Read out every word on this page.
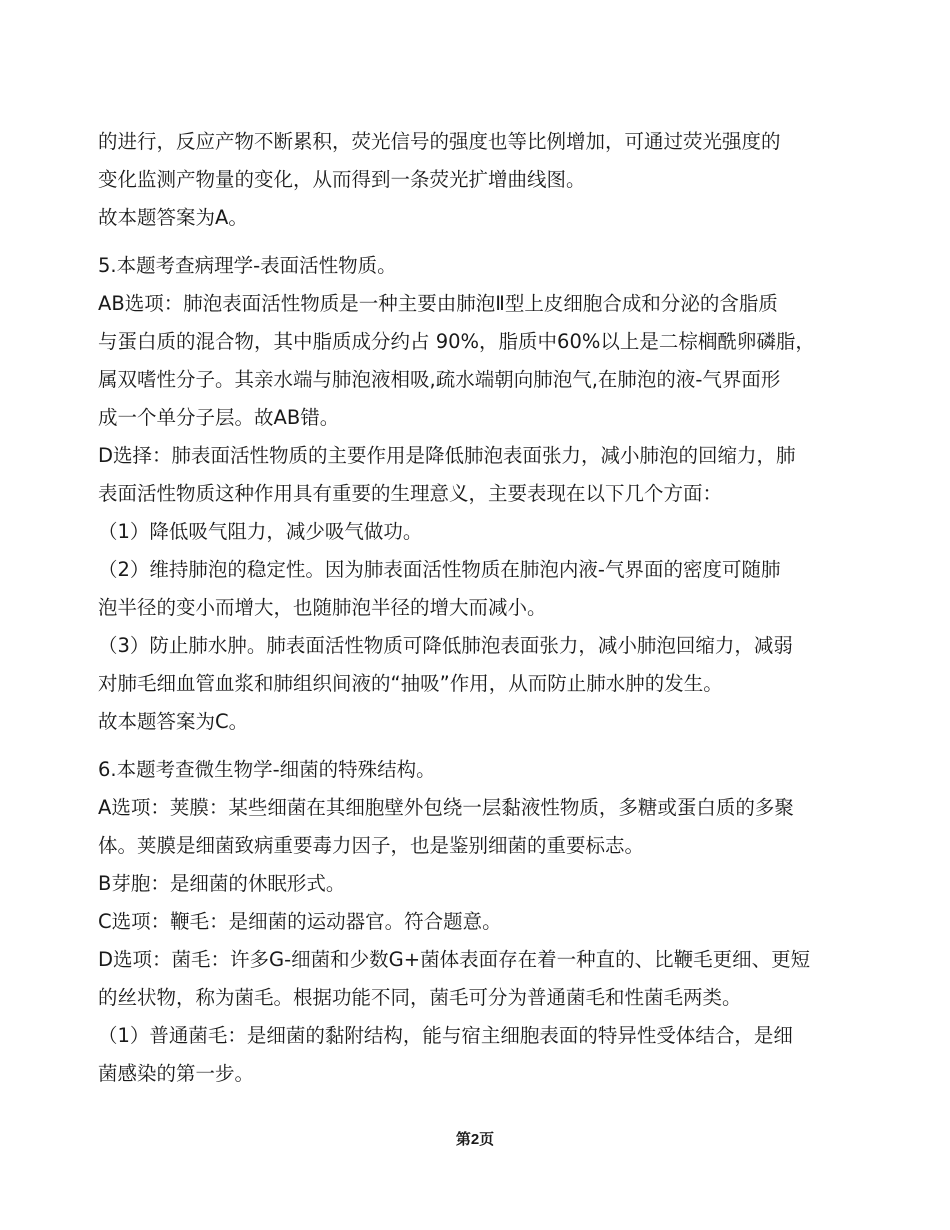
的进行，反应产物不断累积，荧光信号的强度也等比例增加，可通过荧光强度的

变化监测产物量的变化，从而得到一条荧光扩增曲线图。

故本题答案为A。

5.本题考查病理学-表面活性物质。

AB选项：肺泡表面活性物质是一种主要由肺泡Ⅱ型上皮细胞合成和分泌的含脂质

与蛋白质的混合物，其中脂质成分约占 90%，脂质中60%以上是二棕榈酰卵磷脂，

属双嗜性分子。其亲水端与肺泡液相吸,疏水端朝向肺泡气,在肺泡的液-气界面形

成一个单分子层。故AB错。

D选择：肺表面活性物质的主要作用是降低肺泡表面张力，减小肺泡的回缩力，肺

表面活性物质这种作用具有重要的生理意义，主要表现在以下几个方面：

（1）降低吸气阻力，减少吸气做功。

（2）维持肺泡的稳定性。因为肺表面活性物质在肺泡内液-气界面的密度可随肺

泡半径的变小而增大，也随肺泡半径的增大而减小。

（3）防止肺水肿。肺表面活性物质可降低肺泡表面张力，减小肺泡回缩力，减弱

对肺毛细血管血浆和肺组织间液的“抽吸”作用，从而防止肺水肿的发生。

故本题答案为C。

6.本题考查微生物学-细菌的特殊结构。

A选项：荚膜：某些细菌在其细胞壁外包绕一层黏液性物质，多糖或蛋白质的多聚

体。荚膜是细菌致病重要毒力因子，也是鉴别细菌的重要标志。

B芽胞：是细菌的休眠形式。

C选项：鞭毛：是细菌的运动器官。符合题意。

D选项：菌毛：许多G-细菌和少数G+菌体表面存在着一种直的、比鞭毛更细、更短

的丝状物，称为菌毛。根据功能不同，菌毛可分为普通菌毛和性菌毛两类。

（1）普通菌毛：是细菌的黏附结构，能与宿主细胞表面的特异性受体结合，是细

菌感染的第一步。

第2页
